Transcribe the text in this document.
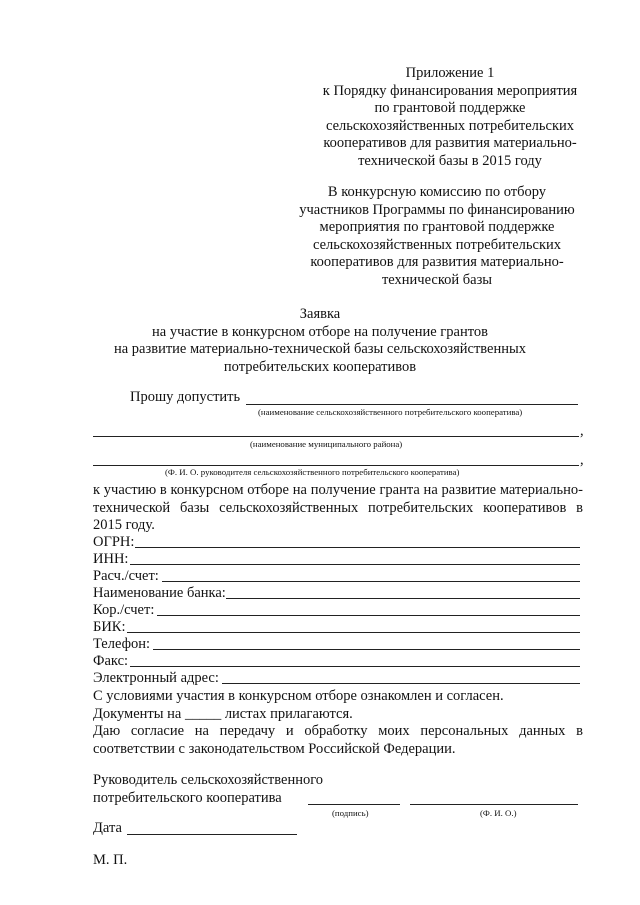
Приложение 1
к Порядку финансирования мероприятия
по грантовой поддержке
сельскохозяйственных потребительских
кооперативов для развития материально-
технической базы в 2015 году
В конкурсную комиссию по отбору
участников Программы по финансированию
мероприятия по грантовой поддержке
сельскохозяйственных потребительских
кооперативов для развития материально-
технической базы
Заявка
на участие в конкурсном отборе на получение грантов
на развитие материально-технической базы сельскохозяйственных
потребительских кооперативов
Прошу допустить
(наименование сельскохозяйственного потребительского кооператива)
,
(наименование муниципального района)
,
(Ф. И. О. руководителя сельскохозяйственного потребительского кооператива)
к участию в конкурсном отборе на получение гранта на развитие материально-технической базы сельскохозяйственных потребительских кооперативов в 2015 году.
ОГРН:
ИНН:
Расч./счет:
Наименование банка:
Кор./счет:
БИК:
Телефон:
Факс:
Электронный адрес:
С условиями участия в конкурсном отборе ознакомлен и согласен.
Документы на _____ листах прилагаются.
Даю согласие на передачу и обработку моих персональных данных в соответствии с законодательством Российской Федерации.
Руководитель сельскохозяйственного
потребительского кооператива
(подпись)	(Ф. И. О.)
Дата
М. П.
